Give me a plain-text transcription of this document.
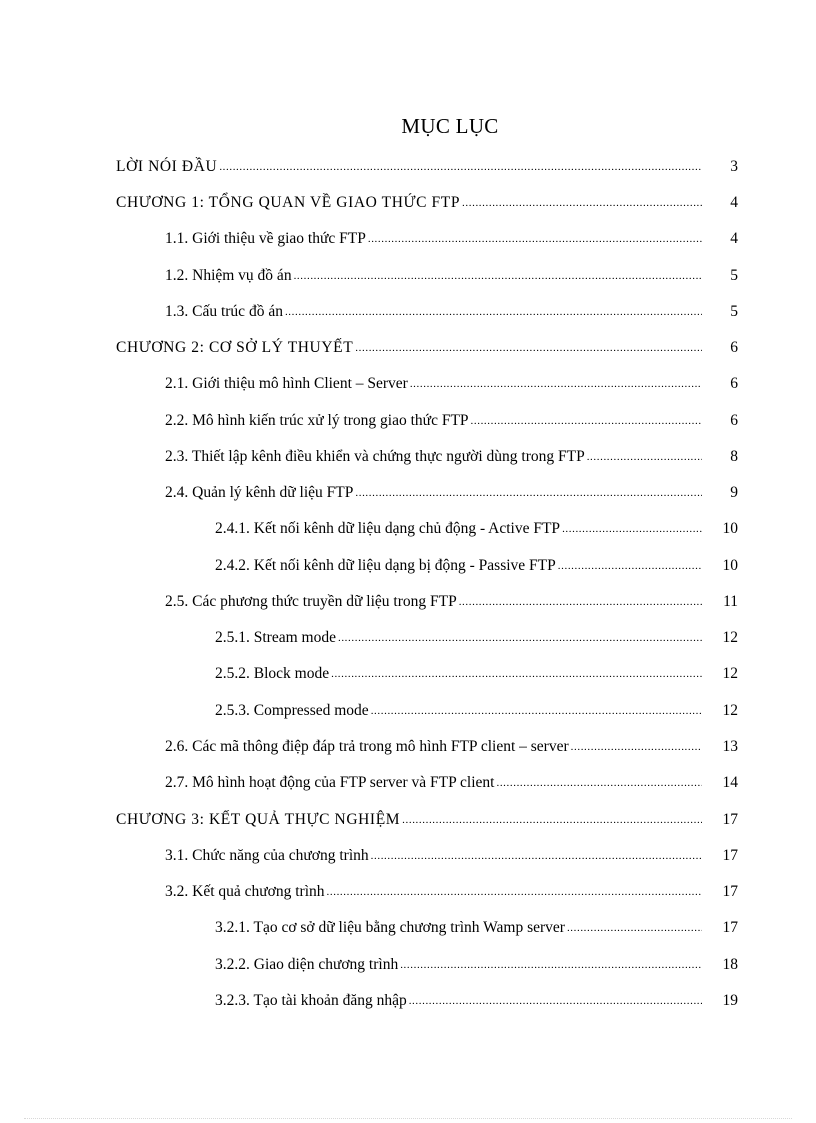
MỤC LỤC
LỜI NÓI ĐẦU .....	3
CHƯƠNG 1: TỔNG QUAN VỀ GIAO THỨC FTP .....	4
1.1. Giới thiệu về giao thức FTP .....	4
1.2. Nhiệm vụ đồ án .....	5
1.3. Cấu trúc đồ án .....	5
CHƯƠNG 2: CƠ SỞ LÝ THUYẾT .....	6
2.1. Giới thiệu mô hình Client – Server .....	6
2.2. Mô hình kiến trúc xử lý trong giao thức FTP .....	6
2.3. Thiết lập kênh điều khiển và chứng thực người dùng trong FTP .....	8
2.4. Quản lý kênh dữ liệu FTP .....	9
2.4.1. Kết nối kênh dữ liệu dạng chủ động - Active FTP .....	10
2.4.2. Kết nối kênh dữ liệu dạng bị động - Passive FTP .....	10
2.5. Các phương thức truyền dữ liệu trong FTP .....	11
2.5.1. Stream mode .....	12
2.5.2. Block mode .....	12
2.5.3. Compressed mode .....	12
2.6. Các mã thông điệp đáp trả trong mô hình FTP client – server .....	13
2.7. Mô hình hoạt động của FTP server và FTP client .....	14
CHƯƠNG 3: KẾT QUẢ THỰC NGHIỆM .....	17
3.1. Chức năng của chương trình .....	17
3.2. Kết quả chương trình .....	17
3.2.1. Tạo cơ sở dữ liệu bằng chương trình Wamp server .....	17
3.2.2. Giao diện chương trình .....	18
3.2.3. Tạo tài khoản đăng nhập .....	19
